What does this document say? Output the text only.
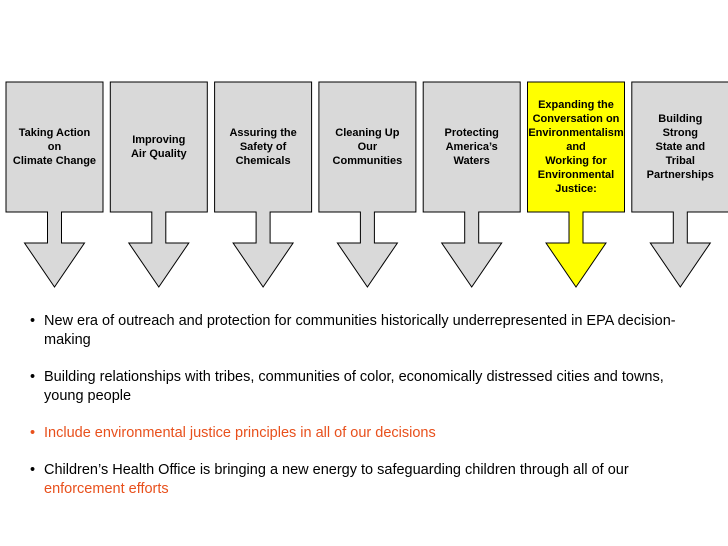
Taking Action
on
Climate Change
Improving
Air Quality
Assuring the
Safety of
Chemicals
Cleaning Up
Our
Communities
Protecting
America’s
Waters
Expanding the
Conversation on
Environmentalism
and
Working for
Environmental
Justice:
Building
Strong
State and
Tribal
Partnerships
• New era of outreach and protection for communities historically underrepresented in EPA decision-making
• Building relationships with tribes, communities of color, economically distressed cities and towns, young people
• Include environmental justice principles in all of our decisions
• Children’s Health Office is bringing a new energy to safeguarding children through all of our enforcement efforts
